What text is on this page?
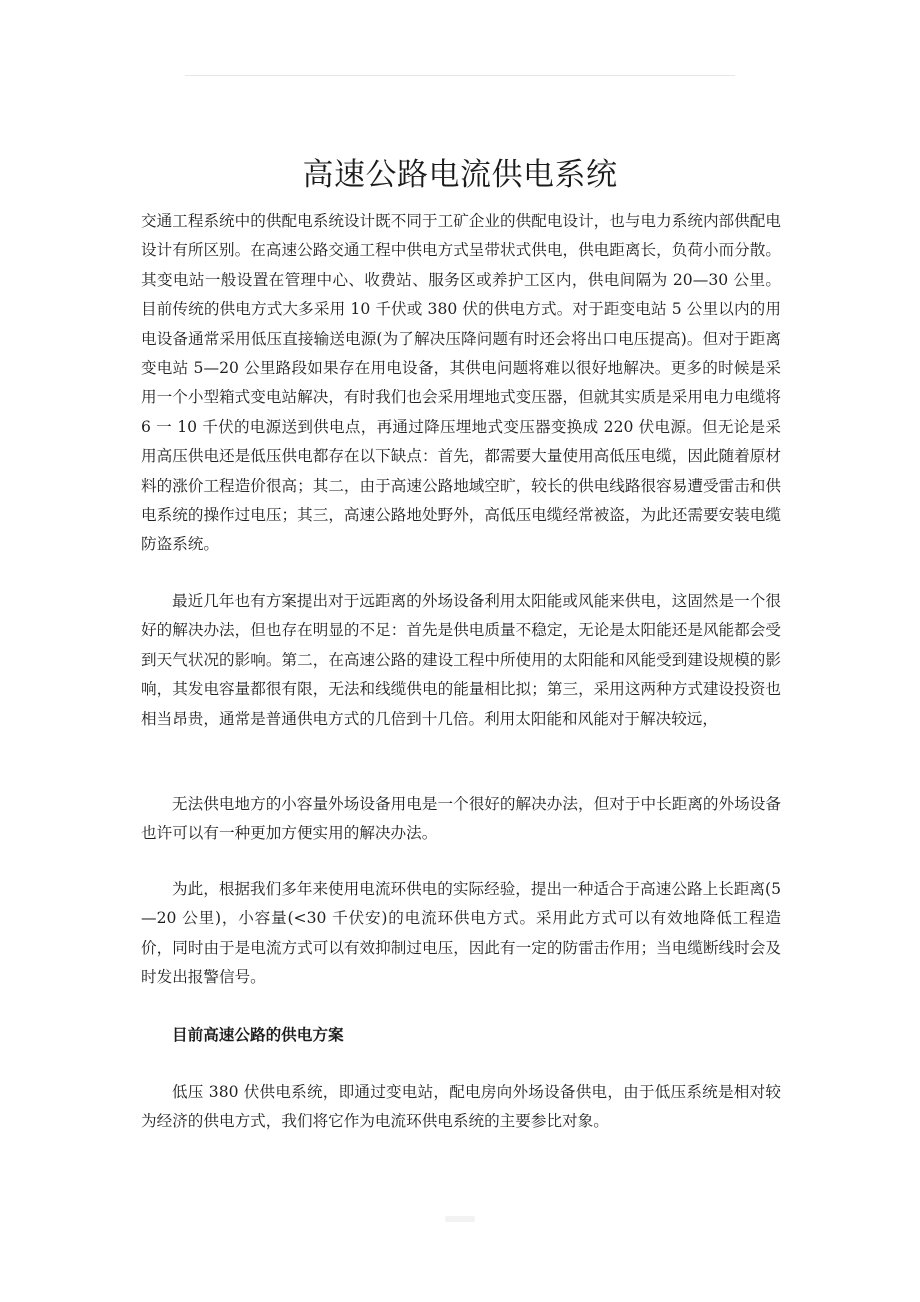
高速公路电流供电系统

交通工程系统中的供配电系统设计既不同于工矿企业的供配电设计，也与电力系统内部供配电设计有所区别。在高速公路交通工程中供电方式呈带状式供电，供电距离长，负荷小而分散。其变电站一般设置在管理中心、收费站、服务区或养护工区内，供电间隔为 20—30 公里。目前传统的供电方式大多采用 10 千伏或 380 伏的供电方式。对于距变电站 5 公里以内的用电设备通常采用低压直接输送电源(为了解决压降问题有时还会将出口电压提高)。但对于距离变电站 5—20 公里路段如果存在用电设备，其供电问题将难以很好地解决。更多的时候是采用一个小型箱式变电站解决，有时我们也会采用埋地式变压器，但就其实质是采用电力电缆将 6 一 10 千伏的电源送到供电点，再通过降压埋地式变压器变换成 220 伏电源。但无论是采用高压供电还是低压供电都存在以下缺点：首先，都需要大量使用高低压电缆，因此随着原材料的涨价工程造价很高；其二，由于高速公路地域空旷，较长的供电线路很容易遭受雷击和供电系统的操作过电压；其三，高速公路地处野外，高低压电缆经常被盗，为此还需要安装电缆防盗系统。

最近几年也有方案提出对于远距离的外场设备利用太阳能或风能来供电，这固然是一个很好的解决办法，但也存在明显的不足：首先是供电质量不稳定，无论是太阳能还是风能都会受到天气状况的影响。第二，在高速公路的建设工程中所使用的太阳能和风能受到建设规模的影响，其发电容量都很有限，无法和线缆供电的能量相比拟；第三，采用这两种方式建设投资也相当昂贵，通常是普通供电方式的几倍到十几倍。利用太阳能和风能对于解决较远，

无法供电地方的小容量外场设备用电是一个很好的解决办法，但对于中长距离的外场设备也许可以有一种更加方便实用的解决办法。

为此，根据我们多年来使用电流环供电的实际经验，提出一种适合于高速公路上长距离(5—20 公里)，小容量(<30 千伏安)的电流环供电方式。采用此方式可以有效地降低工程造价，同时由于是电流方式可以有效抑制过电压，因此有一定的防雷击作用；当电缆断线时会及时发出报警信号。

目前高速公路的供电方案

低压 380 伏供电系统，即通过变电站，配电房向外场设备供电，由于低压系统是相对较为经济的供电方式，我们将它作为电流环供电系统的主要参比对象。
